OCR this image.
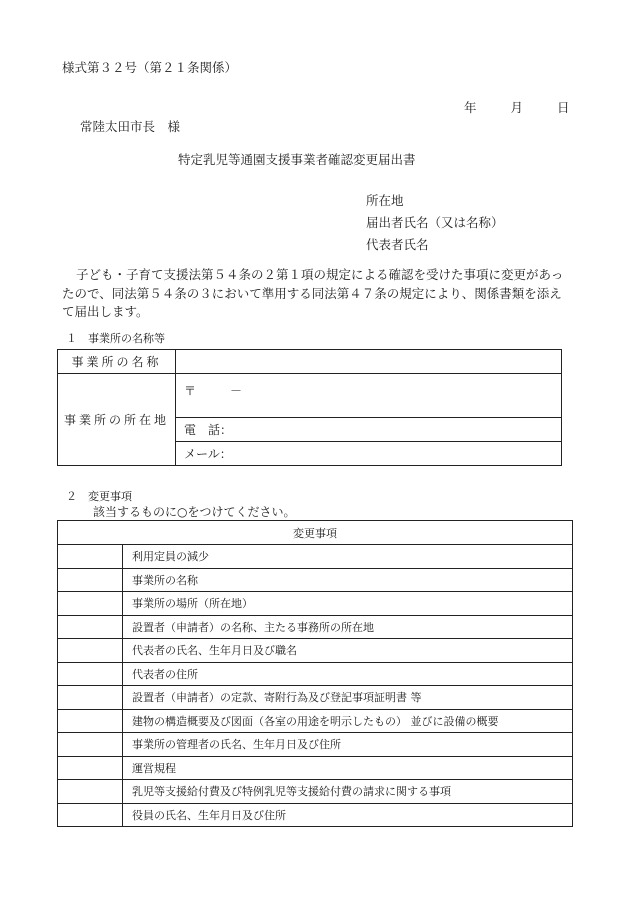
様式第３２号（第２１条関係）
年	月	日
常陸太田市長　様
特定乳児等通園支援事業者確認変更届出書
所在地
届出者氏名（又は名称）
代表者氏名
子ども・子育て支援法第５４条の２第１項の規定による確認を受けた事項に変更があったので、同法第５４条の３において準用する同法第４７条の規定により、関係書類を添えて届出します。
１　事業所の名称等
事業所の名称	
事業所の所在地	〒 －
	電　話：
	メール：
２　変更事項
該当するものに○をつけてください。
変更事項	
	利用定員の減少
	事業所の名称
	事業所の場所（所在地）
	設置者（申請者）の名称、主たる事務所の所在地
	代表者の氏名、生年月日及び職名
	代表者の住所
	設置者（申請者）の定款、寄附行為及び登記事項証明書 等
	建物の構造概要及び図面（各室の用途を明示したもの） 並びに設備の概要
	事業所の管理者の氏名、生年月日及び住所
	運営規程
	乳児等支援給付費及び特例乳児等支援給付費の請求に関する事項
	役員の氏名、生年月日及び住所
